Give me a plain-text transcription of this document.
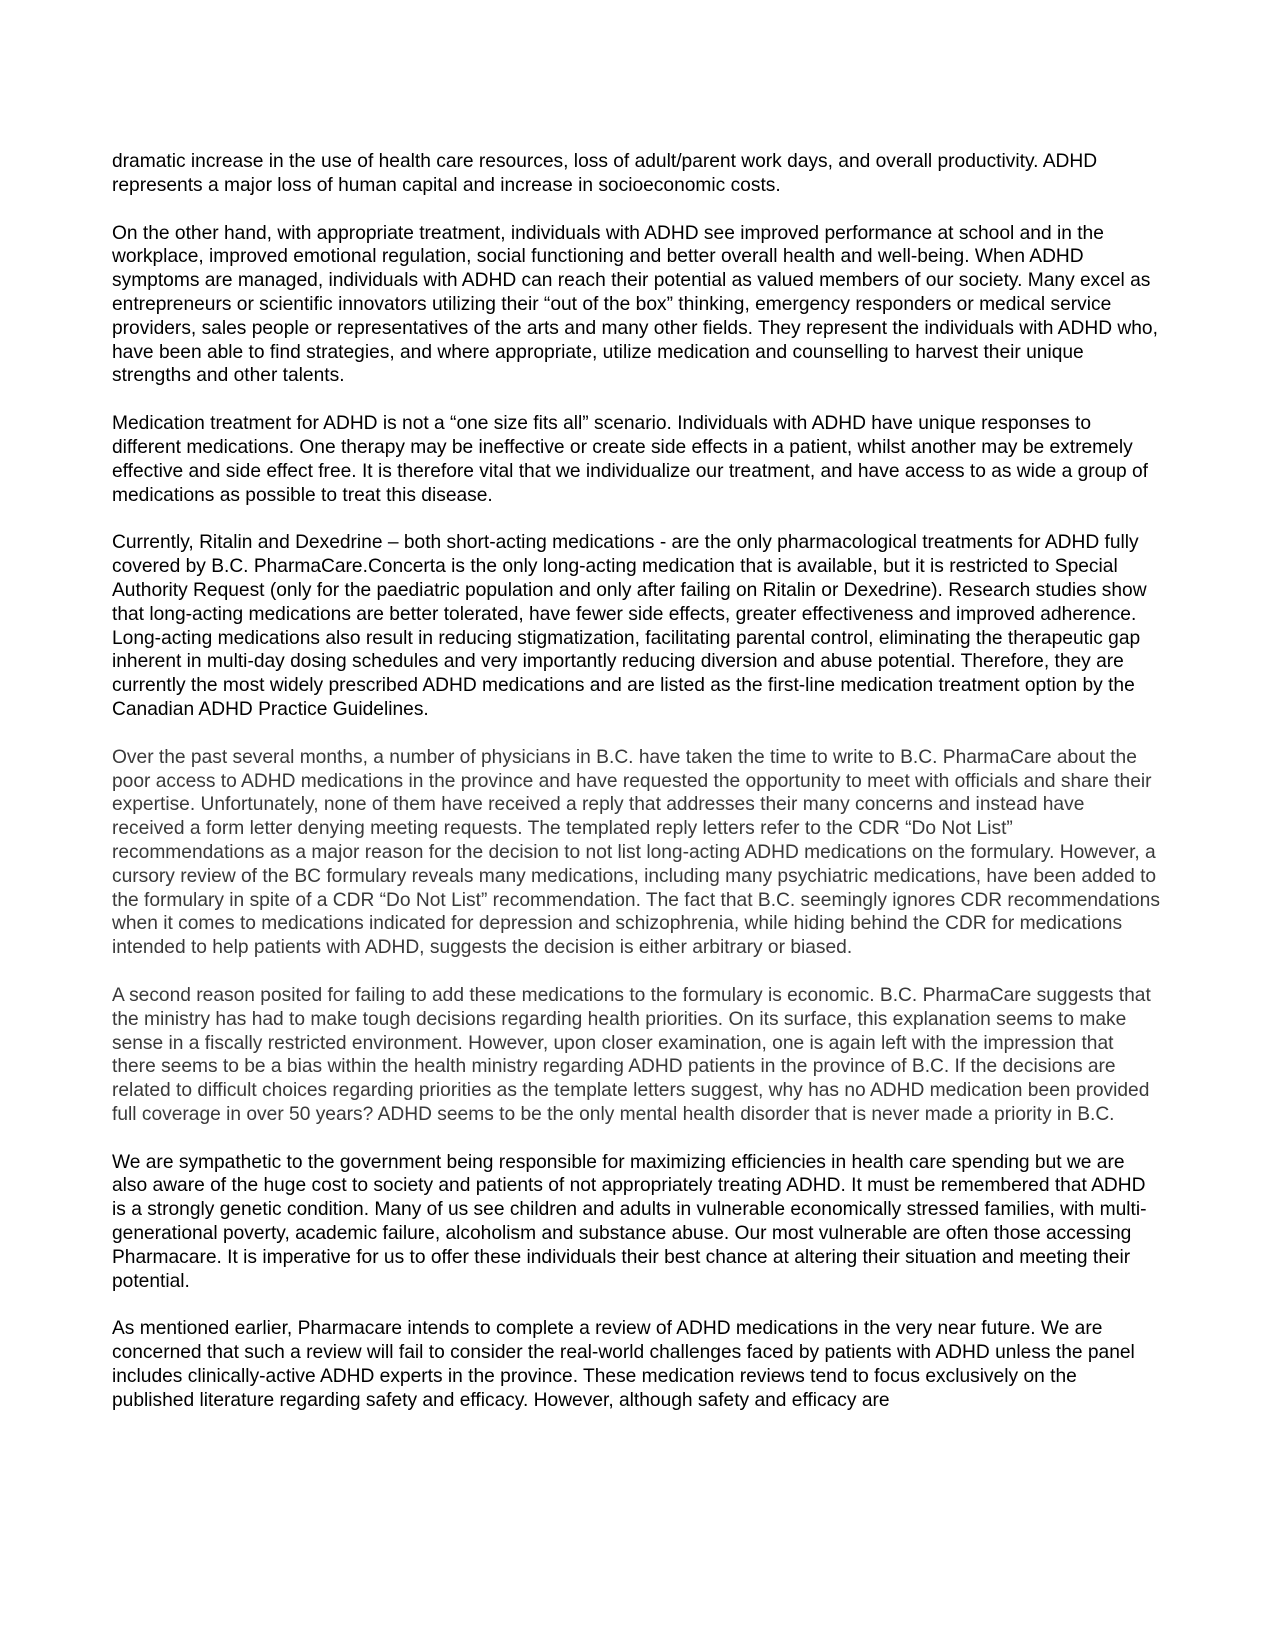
dramatic increase in the use of health care resources, loss of adult/parent work days, and overall productivity. ADHD represents a major loss of human capital and increase in socioeconomic costs.

On the other hand, with appropriate treatment, individuals with ADHD see improved performance at school and in the workplace, improved emotional regulation, social functioning and better overall health and well-being. When ADHD symptoms are managed, individuals with ADHD can reach their potential as valued members of our society. Many excel as entrepreneurs or scientific innovators utilizing their “out of the box” thinking, emergency responders or medical service providers, sales people or representatives of the arts and many other fields. They represent the individuals with ADHD who, have been able to find strategies, and where appropriate, utilize medication and counselling to harvest their unique strengths and other talents.

Medication treatment for ADHD is not a “one size fits all” scenario. Individuals with ADHD have unique responses to different medications. One therapy may be ineffective or create side effects in a patient, whilst another may be extremely effective and side effect free. It is therefore vital that we individualize our treatment, and have access to as wide a group of medications as possible to treat this disease.

Currently, Ritalin and Dexedrine – both short-acting medications - are the only pharmacological treatments for ADHD fully covered by B.C. PharmaCare.Concerta is the only long-acting medication that is available, but it is restricted to Special Authority Request (only for the paediatric population and only after failing on Ritalin or Dexedrine). Research studies show that long-acting medications are better tolerated, have fewer side effects, greater effectiveness and improved adherence. Long-acting medications also result in reducing stigmatization, facilitating parental control, eliminating the therapeutic gap inherent in multi-day dosing schedules and very importantly reducing diversion and abuse potential. Therefore, they are currently the most widely prescribed ADHD medications and are listed as the first-line medication treatment option by the Canadian ADHD Practice Guidelines.

Over the past several months, a number of physicians in B.C. have taken the time to write to B.C. PharmaCare about the poor access to ADHD medications in the province and have requested the opportunity to meet with officials and share their expertise. Unfortunately, none of them have received a reply that addresses their many concerns and instead have received a form letter denying meeting requests. The templated reply letters refer to the CDR “Do Not List” recommendations as a major reason for the decision to not list long-acting ADHD medications on the formulary. However, a cursory review of the BC formulary reveals many medications, including many psychiatric medications, have been added to the formulary in spite of a CDR “Do Not List” recommendation. The fact that B.C. seemingly ignores CDR recommendations when it comes to medications indicated for depression and schizophrenia, while hiding behind the CDR for medications intended to help patients with ADHD, suggests the decision is either arbitrary or biased.

A second reason posited for failing to add these medications to the formulary is economic. B.C. PharmaCare suggests that the ministry has had to make tough decisions regarding health priorities. On its surface, this explanation seems to make sense in a fiscally restricted environment. However, upon closer examination, one is again left with the impression that there seems to be a bias within the health ministry regarding ADHD patients in the province of B.C. If the decisions are related to difficult choices regarding priorities as the template letters suggest, why has no ADHD medication been provided full coverage in over 50 years? ADHD seems to be the only mental health disorder that is never made a priority in B.C.

We are sympathetic to the government being responsible for maximizing efficiencies in health care spending but we are also aware of the huge cost to society and patients of not appropriately treating ADHD. It must be remembered that ADHD is a strongly genetic condition. Many of us see children and adults in vulnerable economically stressed families, with multi-generational poverty, academic failure, alcoholism and substance abuse. Our most vulnerable are often those accessing Pharmacare. It is imperative for us to offer these individuals their best chance at altering their situation and meeting their potential.

As mentioned earlier, Pharmacare intends to complete a review of ADHD medications in the very near future. We are concerned that such a review will fail to consider the real-world challenges faced by patients with ADHD unless the panel includes clinically-active ADHD experts in the province. These medication reviews tend to focus exclusively on the published literature regarding safety and efficacy. However, although safety and efficacy are
